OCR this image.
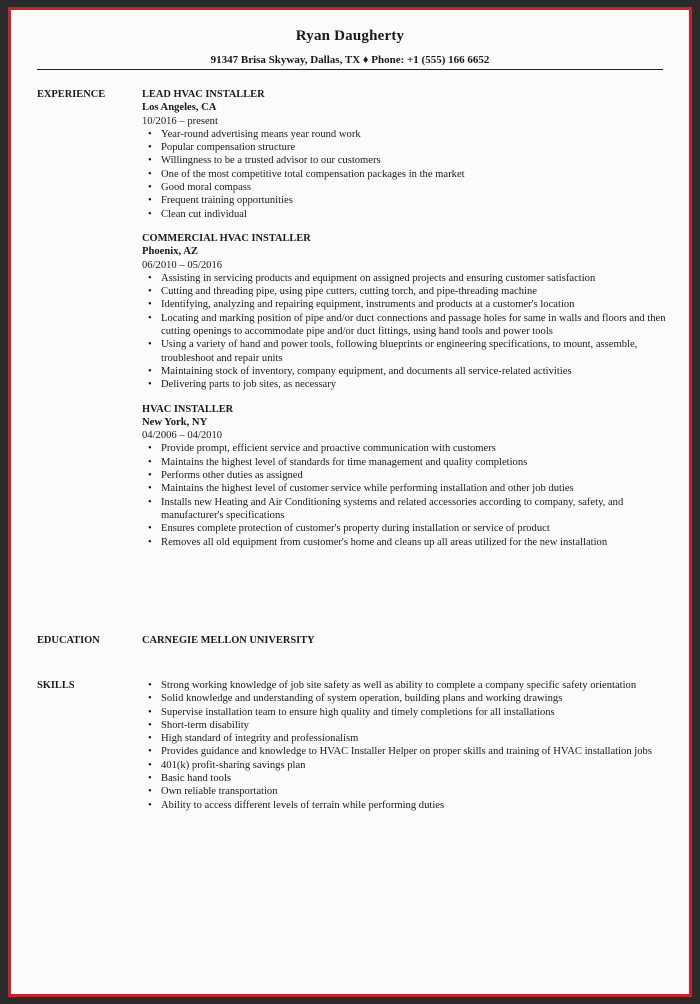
Ryan Daugherty
91347 Brisa Skyway, Dallas, TX ♦ Phone: +1 (555) 166 6652
EXPERIENCE	LEAD HVAC INSTALLER
Los Angeles, CA
10/2016 – present
• Year-round advertising means year round work
• Popular compensation structure
• Willingness to be a trusted advisor to our customers
• One of the most competitive total compensation packages in the market
• Good moral compass
• Frequent training opportunities
• Clean cut individual
COMMERCIAL HVAC INSTALLER
Phoenix, AZ
06/2010 – 05/2016
• Assisting in servicing products and equipment on assigned projects and ensuring customer satisfaction
• Cutting and threading pipe, using pipe cutters, cutting torch, and pipe-threading machine
• Identifying, analyzing and repairing equipment, instruments and products at a customer's location
• Locating and marking position of pipe and/or duct connections and passage holes for same in walls and floors and then cutting openings to accommodate pipe and/or duct fittings, using hand tools and power tools
• Using a variety of hand and power tools, following blueprints or engineering specifications, to mount, assemble, troubleshoot and repair units
• Maintaining stock of inventory, company equipment, and documents all service-related activities
• Delivering parts to job sites, as necessary
HVAC INSTALLER
New York, NY
04/2006 – 04/2010
• Provide prompt, efficient service and proactive communication with customers
• Maintains the highest level of standards for time management and quality completions
• Performs other duties as assigned
• Maintains the highest level of customer service while performing installation and other job duties
• Installs new Heating and Air Conditioning systems and related accessories according to company, safety, and manufacturer's specifications
• Ensures complete protection of customer's property during installation or service of product
• Removes all old equipment from customer's home and cleans up all areas utilized for the new installation
EDUCATION	CARNEGIE MELLON UNIVERSITY
SKILLS
•	Strong working knowledge of job site safety as well as ability to complete a company specific safety orientation
• Solid knowledge and understanding of system operation, building plans and working drawings
• Supervise installation team to ensure high quality and timely completions for all installations
• Short-term disability
• High standard of integrity and professionalism
• Provides guidance and knowledge to HVAC Installer Helper on proper skills and training of HVAC installation jobs
• 401(k) profit-sharing savings plan
• Basic hand tools
• Own reliable transportation
• Ability to access different levels of terrain while performing duties
